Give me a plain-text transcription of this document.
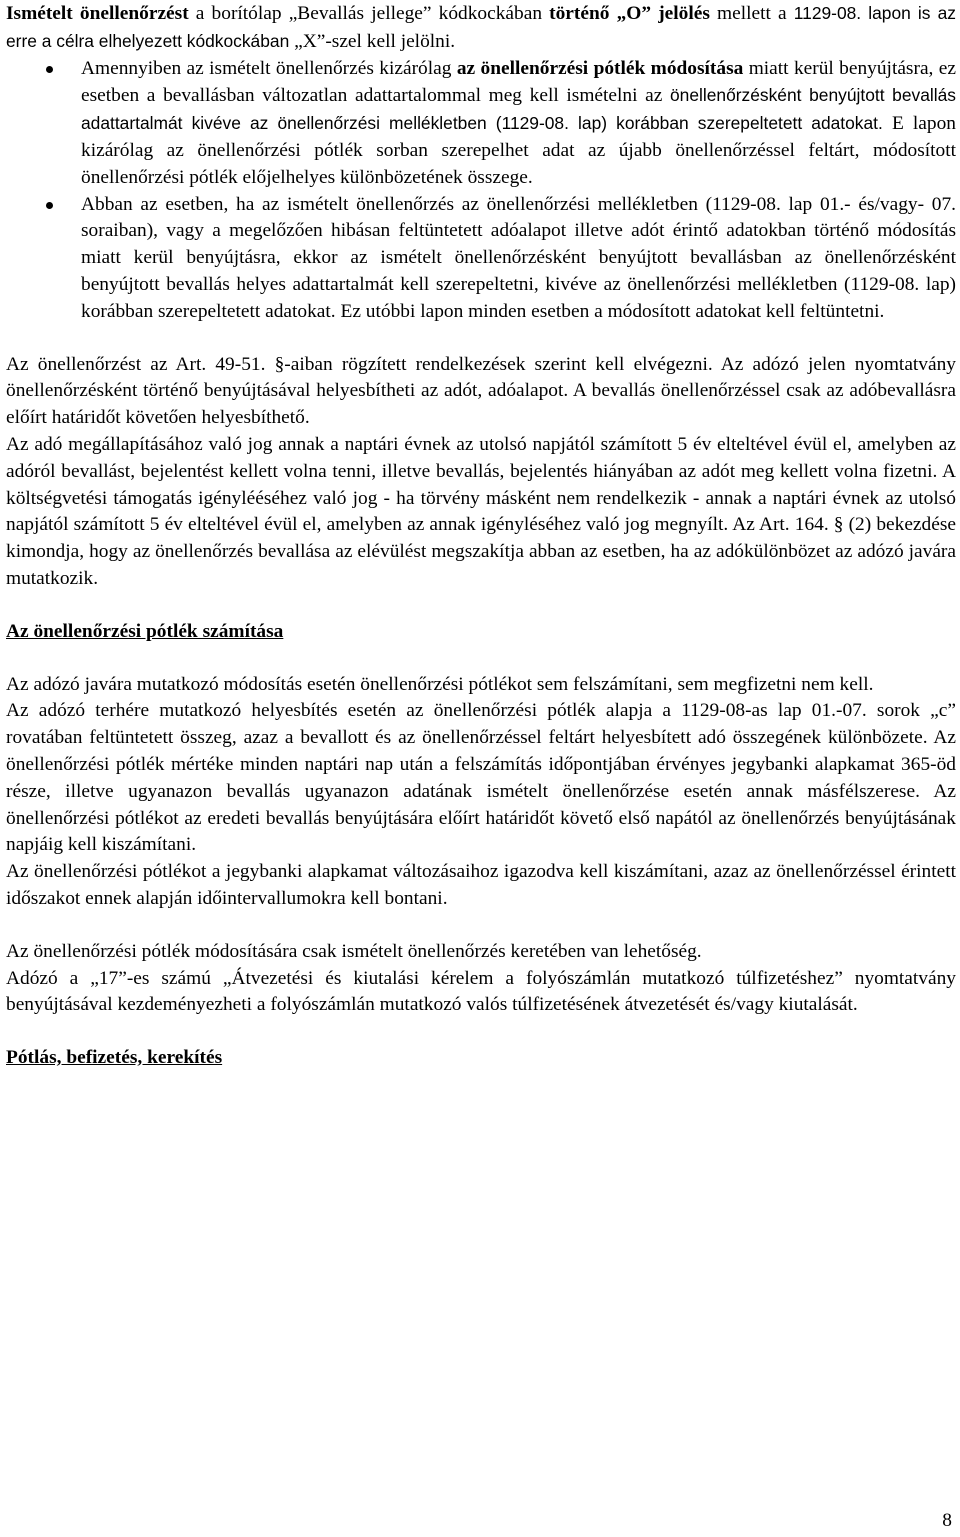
Ismételt önellenőrzést a borítólap „Bevallás jellege” kódkockában történő „O” jelölés mellett a 1129-08. lapon is az erre a célra elhelyezett kódkockában „X”-szel kell jelölni.

Amennyiben az ismételt önellenőrzés kizárólag az önellenőrzési pótlék módosítása miatt kerül benyújtásra, ez esetben a bevallásban változatlan adattartalommal meg kell ismételni az önellenőrzésként benyújtott bevallás adattartalmát kivéve az önellenőrzési mellékletben (1129-08. lap) korábban szerepeltetett adatokat. E lapon kizárólag az önellenőrzési pótlék sorban szerepelhet adat az újabb önellenőrzéssel feltárt, módosított önellenőrzési pótlék előjelhelyes különbözetének összege.
Abban az esetben, ha az ismételt önellenőrzés az önellenőrzési mellékletben (1129-08. lap 01.- és/vagy- 07. soraiban), vagy a megelőzően hibásan feltüntetett adóalapot illetve adót érintő adatokban történő módosítás miatt kerül benyújtásra, ekkor az ismételt önellenőrzésként benyújtott bevallásban az önellenőrzésként benyújtott bevallás helyes adattartalmát kell szerepeltetni, kivéve az önellenőrzési mellékletben (1129-08. lap) korábban szerepeltetett adatokat. Ez utóbbi lapon minden esetben a módosított adatokat kell feltüntetni.

Az önellenőrzést az Art. 49-51. §-aiban rögzített rendelkezések szerint kell elvégezni. Az adózó jelen nyomtatvány önellenőrzésként történő benyújtásával helyesbítheti az adót, adóalapot. A bevallás önellenőrzéssel csak az adóbevallásra előírt határidőt követően helyesbíthető.

Az adó megállapításához való jog annak a naptári évnek az utolsó napjától számított 5 év elteltével évül el, amelyben az adóról bevallást, bejelentést kellett volna tenni, illetve bevallás, bejelentés hiányában az adót meg kellett volna fizetni. A költségvetési támogatás igénylééséhez való jog - ha törvény másként nem rendelkezik - annak a naptári évnek az utolsó napjától számított 5 év elteltével évül el, amelyben az annak igényléséhez való jog megnyílt. Az Art. 164. § (2) bekezdése kimondja, hogy az önellenőrzés bevallása az elévülést megszakítja abban az esetben, ha az adókülönbözet az adózó javára mutatkozik.

Az önellenőrzési pótlék számítása

Az adózó javára mutatkozó módosítás esetén önellenőrzési pótlékot sem felszámítani, sem megfizetni nem kell.

Az adózó terhére mutatkozó helyesbítés esetén az önellenőrzési pótlék alapja a 1129-08-as lap 01.-07. sorok „c” rovatában feltüntetett összeg, azaz a bevallott és az önellenőrzéssel feltárt helyesbített adó összegének különbözete. Az önellenőrzési pótlék mértéke minden naptári nap után a felszámítás időpontjában érvényes jegybanki alapkamat 365-öd része, illetve ugyanazon bevallás ugyanazon adatának ismételt önellenőrzése esetén annak másfélszerese. Az önellenőrzési pótlékot az eredeti bevallás benyújtására előírt határidőt követő első napától az önellenőrzés benyújtásának napjáig kell kiszámítani.

Az önellenőrzési pótlékot a jegybanki alapkamat változásaihoz igazodva kell kiszámítani, azaz az önellenőrzéssel érintett időszakot ennek alapján időintervallumokra kell bontani.

Az önellenőrzési pótlék módosítására csak ismételt önellenőrzés keretében van lehetőség.

Adózó a „17”-es számú „Átvezetési és kiutalási kérelem a folyószámlán mutatkozó túlfizetéshez” nyomtatvány benyújtásával kezdeményezheti a folyószámlán mutatkozó valós túlfizetésének átvezetését és/vagy kiutalását.

Pótlás, befizetés, kerekítés

8
